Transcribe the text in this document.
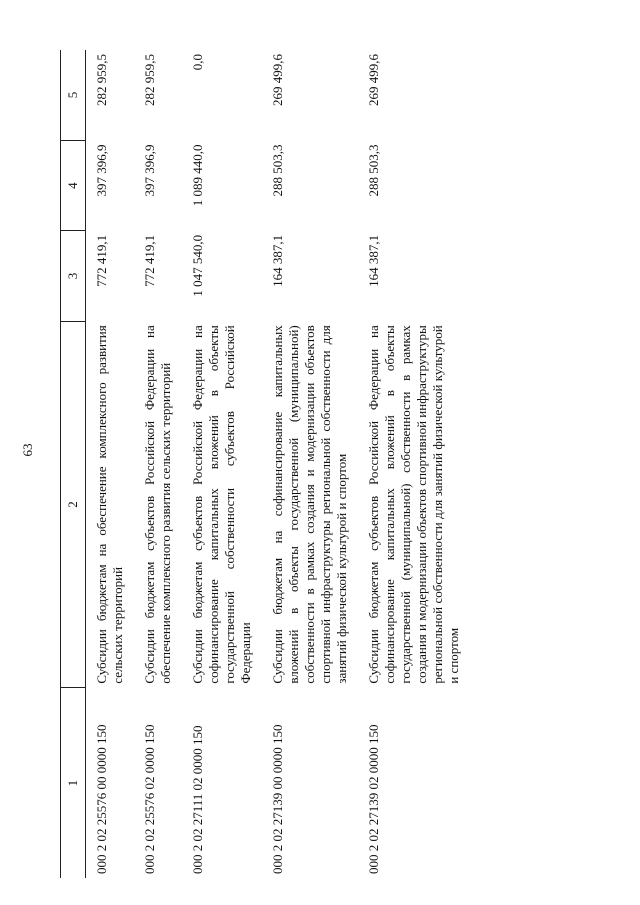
63
1	2	3	4	5
000 2 02 25576 00 0000 150	Субсидии бюджетам на обеспечение комплексного развития сельских территорий	772 419,1	397 396,9	282 959,5
000 2 02 25576 02 0000 150	Субсидии бюджетам субъектов Российской Федерации на обеспечение комплексного развития сельских территорий	772 419,1	397 396,9	282 959,5
000 2 02 27111 02 0000 150	Субсидии бюджетам субъектов Российской Федерации на софинансирование капитальных вложений в объекты государственной собственности субъектов Российской Федерации	1 047 540,0	1 089 440,0	0,0
000 2 02 27139 00 0000 150	Субсидии бюджетам на софинансирование капитальных вложений в объекты государственной (муниципальной) собственности в рамках создания и модернизации объектов спортивной инфраструктуры региональной собственности для занятий физической культурой и спортом	164 387,1	288 503,3	269 499,6
000 2 02 27139 02 0000 150	Субсидии бюджетам субъектов Российской Федерации на софинансирование капитальных вложений в объекты государственной (муниципальной) собственности в рамках создания и модернизации объектов спортивной инфраструктуры региональной собственности для занятий физической культурой и спортом	164 387,1	288 503,3	269 499,6
